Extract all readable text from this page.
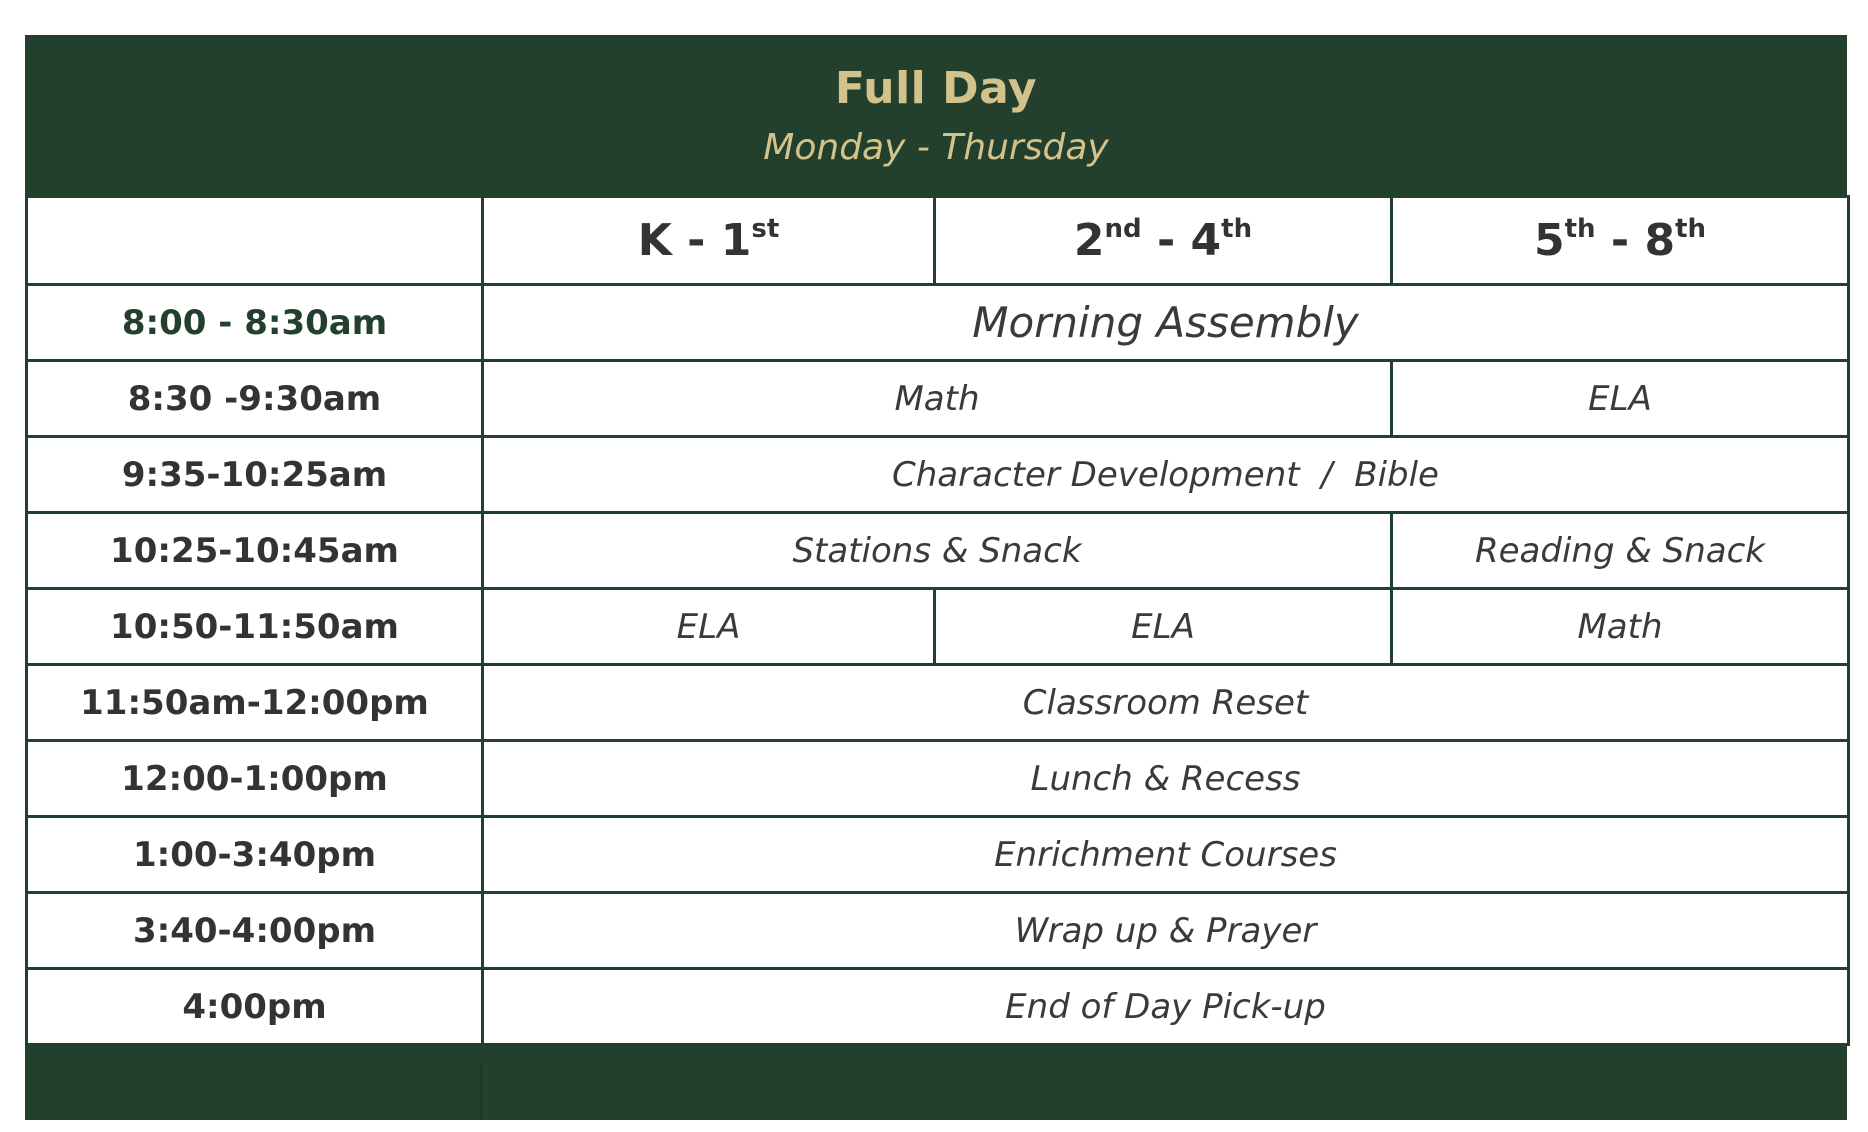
Full Day
Monday - Thursday
	K - 1st	2nd - 4th	5th - 8th
8:00 - 8:30am	Morning Assembly		
8:30 -9:30am	Math		ELA
9:35-10:25am	Character Development  /  Bible		
10:25-10:45am	Stations & Snack		Reading & Snack
10:50-11:50am	ELA	ELA	Math
11:50am-12:00pm	Classroom Reset		
12:00-1:00pm	Lunch & Recess		
1:00-3:40pm	Enrichment Courses		
3:40-4:00pm	Wrap up & Prayer		
4:00pm	End of Day Pick-up		
